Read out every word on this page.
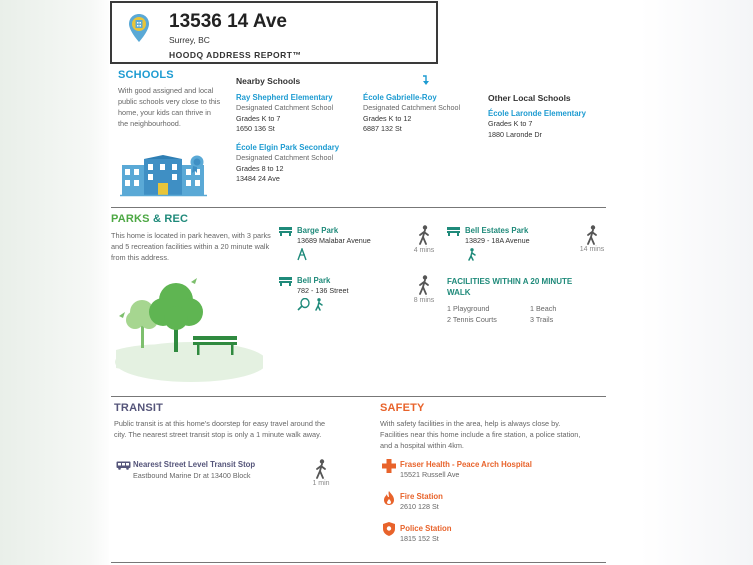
13536 14 Ave
Surrey, BC
HOODQ ADDRESS REPORT™
SCHOOLS
With good assigned and local public schools very close to this home, your kids can thrive in the neighbourhood.
Nearby Schools
Ray Shepherd Elementary
Designated Catchment School
Grades K to 7
1650 136 St
École Gabrielle-Roy
Designated Catchment School
Grades K to 12
6887 132 St
École Elgin Park Secondary
Designated Catchment School
Grades 8 to 12
13484 24 Ave
Other Local Schools
École Laronde Elementary
Grades K to 7
1880 Laronde Dr
PARKS & REC
This home is located in park heaven, with 3 parks and 5 recreation facilities within a 20 minute walk from this address.
Barge Park
13689 Malabar Avenue
4 mins
Bell Estates Park
13829 - 18A Avenue
14 mins
Bell Park
782 - 136 Street
8 mins
FACILITIES WITHIN A 20 MINUTE WALK
1 Playground	1 Beach
2 Tennis Courts	3 Trails
TRANSIT
Public transit is at this home's doorstep for easy travel around the city. The nearest street transit stop is only a 1 minute walk away.
Nearest Street Level Transit Stop
Eastbound Marine Dr at 13400 Block
1 min
SAFETY
With safety facilities in the area, help is always close by. Facilities near this home include a fire station, a police station, and a hospital within 4km.
Fraser Health - Peace Arch Hospital
15521 Russell Ave
Fire Station
2610 128 St
Police Station
1815 152 St
